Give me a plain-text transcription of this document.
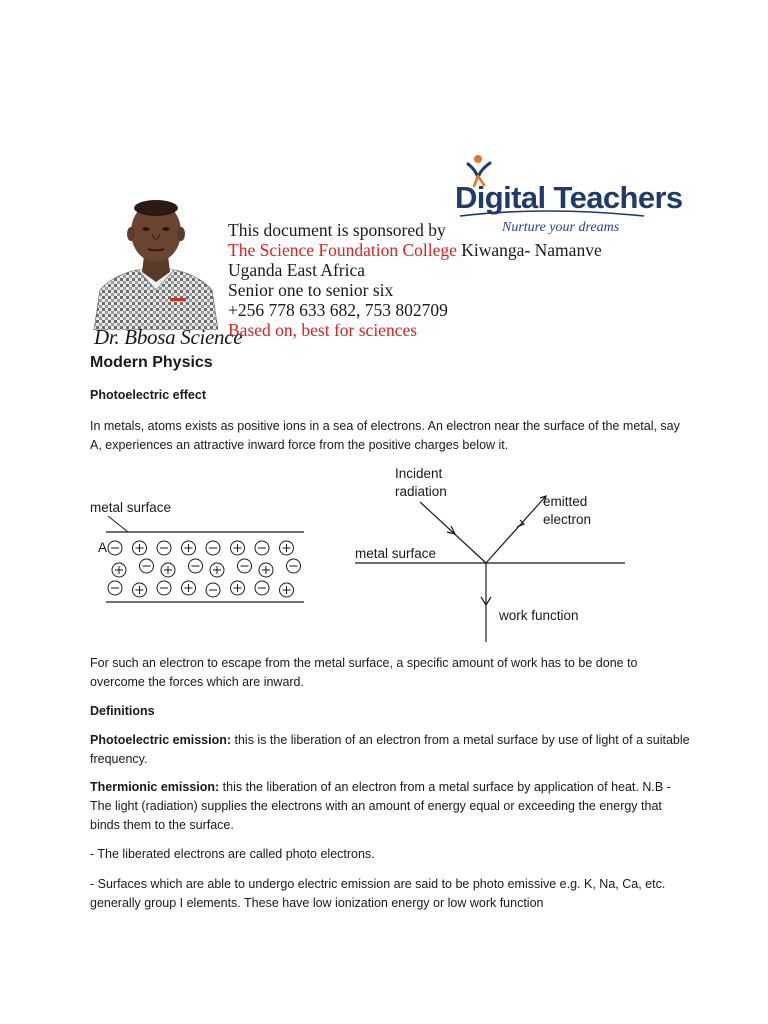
Dr. Bbosa Science
Digital Teachers
Nurture your dreams
This document is sponsored by
The Science Foundation College Kiwanga- Namanve
Uganda East Africa
Senior one to senior six
+256 778 633 682, 753 802709
Based on, best for sciences
Modern Physics
Photoelectric effect
In metals, atoms exists as positive ions in a sea of electrons. An electron near the surface of the metal, say A, experiences an attractive inward force from the positive charges below it.
metal surface
A
Incident
radiation
emitted
electron
metal surface
work function
For such an electron to escape from the metal surface, a specific amount of work has to be done to overcome the forces which are inward.
Definitions
Photoelectric emission: this is the liberation of an electron from a metal surface by use of light of a suitable frequency.
Thermionic emission: this the liberation of an electron from a metal surface by application of heat. N.B - The light (radiation) supplies the electrons with an amount of energy equal or exceeding the energy that binds them to the surface.
- The liberated electrons are called photo electrons.
- Surfaces which are able to undergo electric emission are said to be photo emissive e.g. K, Na, Ca, etc. generally group I elements. These have low ionization energy or low work function
